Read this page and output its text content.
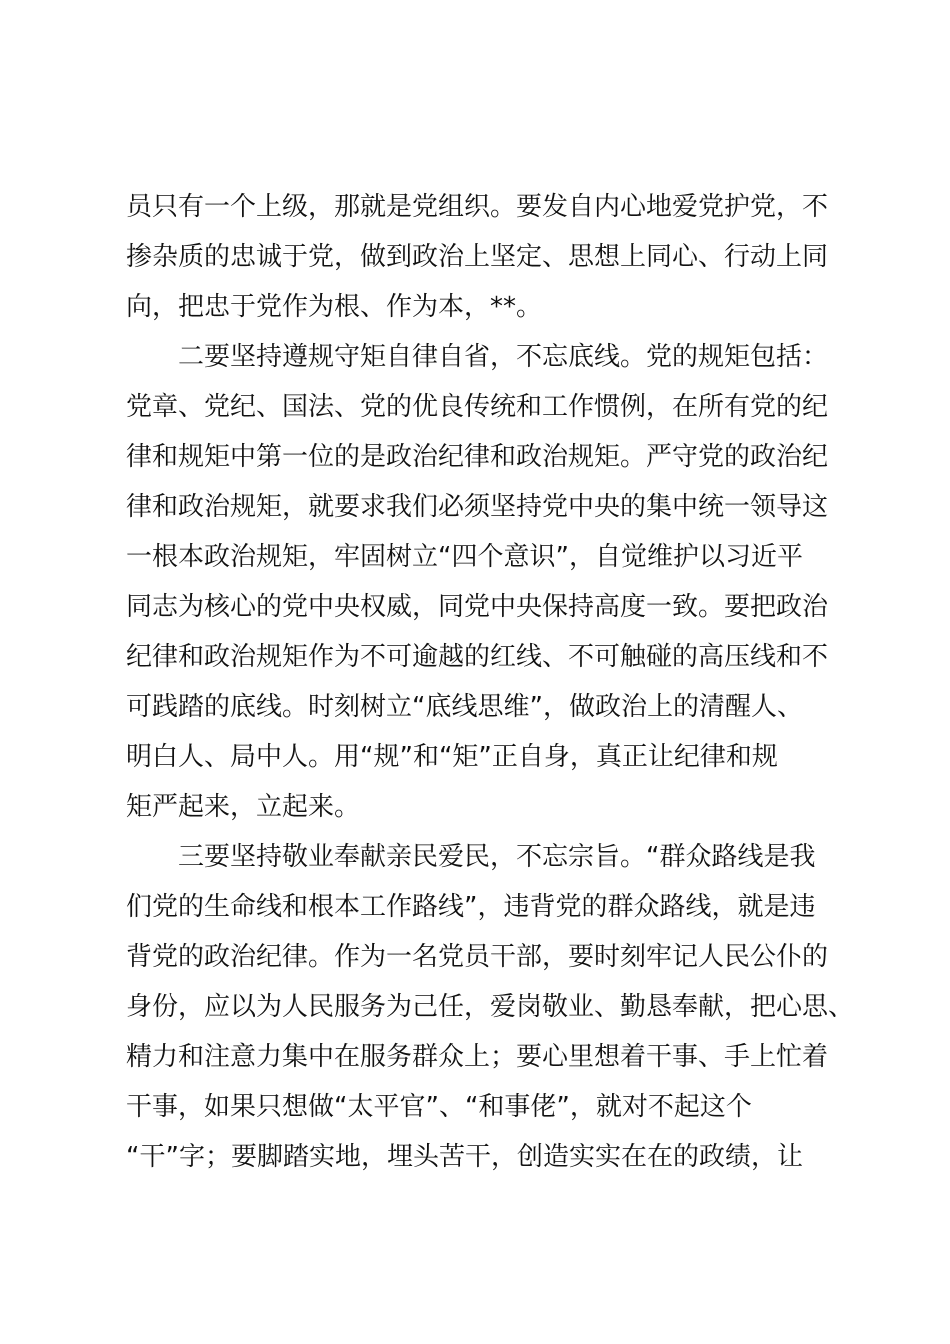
员只有一个上级，那就是党组织。要发自内心地爱党护党，不
掺杂质的忠诚于党，做到政治上坚定、思想上同心、行动上同
向，把忠于党作为根、作为本，**。
　　二要坚持遵规守矩自律自省，不忘底线。党的规矩包括：
党章、党纪、国法、党的优良传统和工作惯例，在所有党的纪
律和规矩中第一位的是政治纪律和政治规矩。严守党的政治纪
律和政治规矩，就要求我们必须坚持党中央的集中统一领导这
一根本政治规矩，牢固树立“四个意识”，自觉维护以习近平
同志为核心的党中央权威，同党中央保持高度一致。要把政治
纪律和政治规矩作为不可逾越的红线、不可触碰的高压线和不
可践踏的底线。时刻树立“底线思维”，做政治上的清醒人、
明白人、局中人。用“规”和“矩”正自身，真正让纪律和规
矩严起来，立起来。
　　三要坚持敬业奉献亲民爱民，不忘宗旨。“群众路线是我
们党的生命线和根本工作路线”，违背党的群众路线，就是违
背党的政治纪律。作为一名党员干部，要时刻牢记人民公仆的
身份，应以为人民服务为己任，爱岗敬业、勤恳奉献，把心思、
精力和注意力集中在服务群众上；要心里想着干事、手上忙着
干事，如果只想做“太平官”、“和事佬”，就对不起这个
“干”字；要脚踏实地，埋头苦干，创造实实在在的政绩，让
